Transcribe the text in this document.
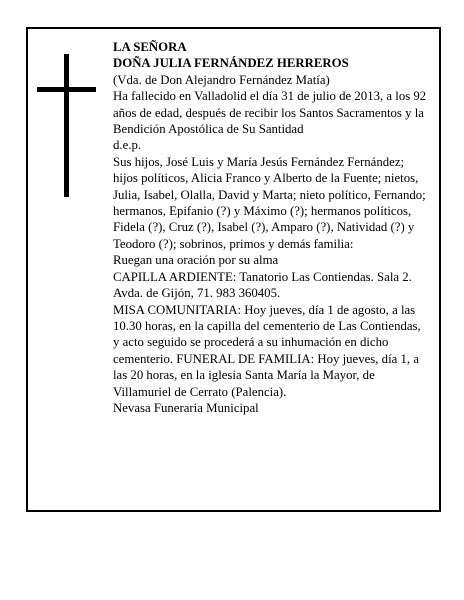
LA SEÑORA

DOÑA JULIA FERNÁNDEZ HERREROS

(Vda. de Don Alejandro Fernández Matía)

Ha fallecido en Valladolid el día 31 de julio de 2013, a los 92 años de edad, después de recibir los Santos Sacramentos y la Bendición Apostólica de Su Santidad

d.e.p.

Sus hijos, José Luis y María Jesús Fernández Fernández; hijos políticos, Alicia Franco y Alberto de la Fuente; nietos, Julia, Isabel, Olalla, David y Marta; nieto político, Fernando; hermanos, Epifanio (?) y Máximo (?); hermanos políticos, Fidela (?), Cruz (?), Isabel (?), Amparo (?), Natividad (?) y Teodoro (?); sobrinos, primos y demás familia:

Ruegan una oración por su alma

CAPILLA ARDIENTE: Tanatorio Las Contiendas. Sala 2. Avda. de Gijón, 71. 983 360405.

MISA COMUNITARIA: Hoy jueves, día 1 de agosto, a las 10.30 horas, en la capilla del cementerio de Las Contiendas, y acto seguido se procederá a su inhumación en dicho cementerio. FUNERAL DE FAMILIA: Hoy jueves, día 1, a las 20 horas, en la iglesia Santa María la Mayor, de Villamuriel de Cerrato (Palencia).

Nevasa Funeraria Municipal
